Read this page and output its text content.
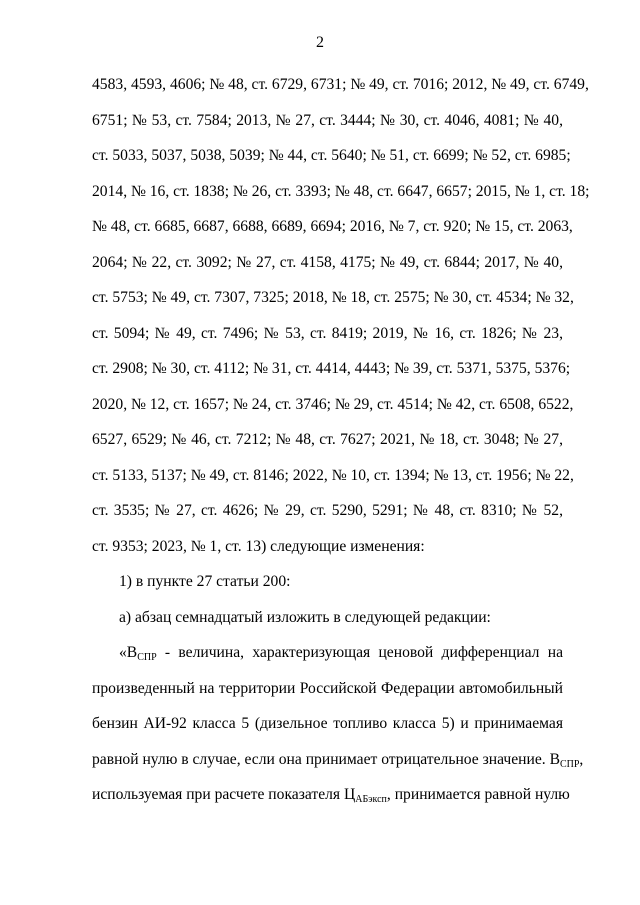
2
4583, 4593, 4606; № 48, ст. 6729, 6731; № 49, ст. 7016; 2012, № 49, ст. 6749,
6751; № 53, ст. 7584; 2013, № 27, ст. 3444; № 30, ст. 4046, 4081; № 40,
ст. 5033, 5037, 5038, 5039; № 44, ст. 5640; № 51, ст. 6699; № 52, ст. 6985;
2014, № 16, ст. 1838; № 26, ст. 3393; № 48, ст. 6647, 6657; 2015, № 1, ст. 18;
№ 48, ст. 6685, 6687, 6688, 6689, 6694; 2016, № 7, ст. 920; № 15, ст. 2063,
2064; № 22, ст. 3092; № 27, ст. 4158, 4175; № 49, ст. 6844; 2017, № 40,
ст. 5753; № 49, ст. 7307, 7325; 2018, № 18, ст. 2575; № 30, ст. 4534; № 32,
ст. 5094; № 49, ст. 7496; № 53, ст. 8419; 2019, № 16, ст. 1826; № 23,
ст. 2908; № 30, ст. 4112; № 31, ст. 4414, 4443; № 39, ст. 5371, 5375, 5376;
2020, № 12, ст. 1657; № 24, ст. 3746; № 29, ст. 4514; № 42, ст. 6508, 6522,
6527, 6529; № 46, ст. 7212; № 48, ст. 7627; 2021, № 18, ст. 3048; № 27,
ст. 5133, 5137; № 49, ст. 8146; 2022, № 10, ст. 1394; № 13, ст. 1956; № 22,
ст. 3535; № 27, ст. 4626; № 29, ст. 5290, 5291; № 48, ст. 8310; № 52,
ст. 9353; 2023, № 1, ст. 13) следующие изменения:
1) в пункте 27 статьи 200:
а) абзац семнадцатый изложить в следующей редакции:
«$В_{СПР}$ - величина, характеризующая ценовой дифференциал на
произведенный на территории Российской Федерации автомобильный
бензин АИ-92 класса 5 (дизельное топливо класса 5) и принимаемая
равной нулю в случае, если она принимает отрицательное значение. $В_{СПР}$,
используемая при расчете показателя $Ц_{АБэксп}$, принимается равной нулю
